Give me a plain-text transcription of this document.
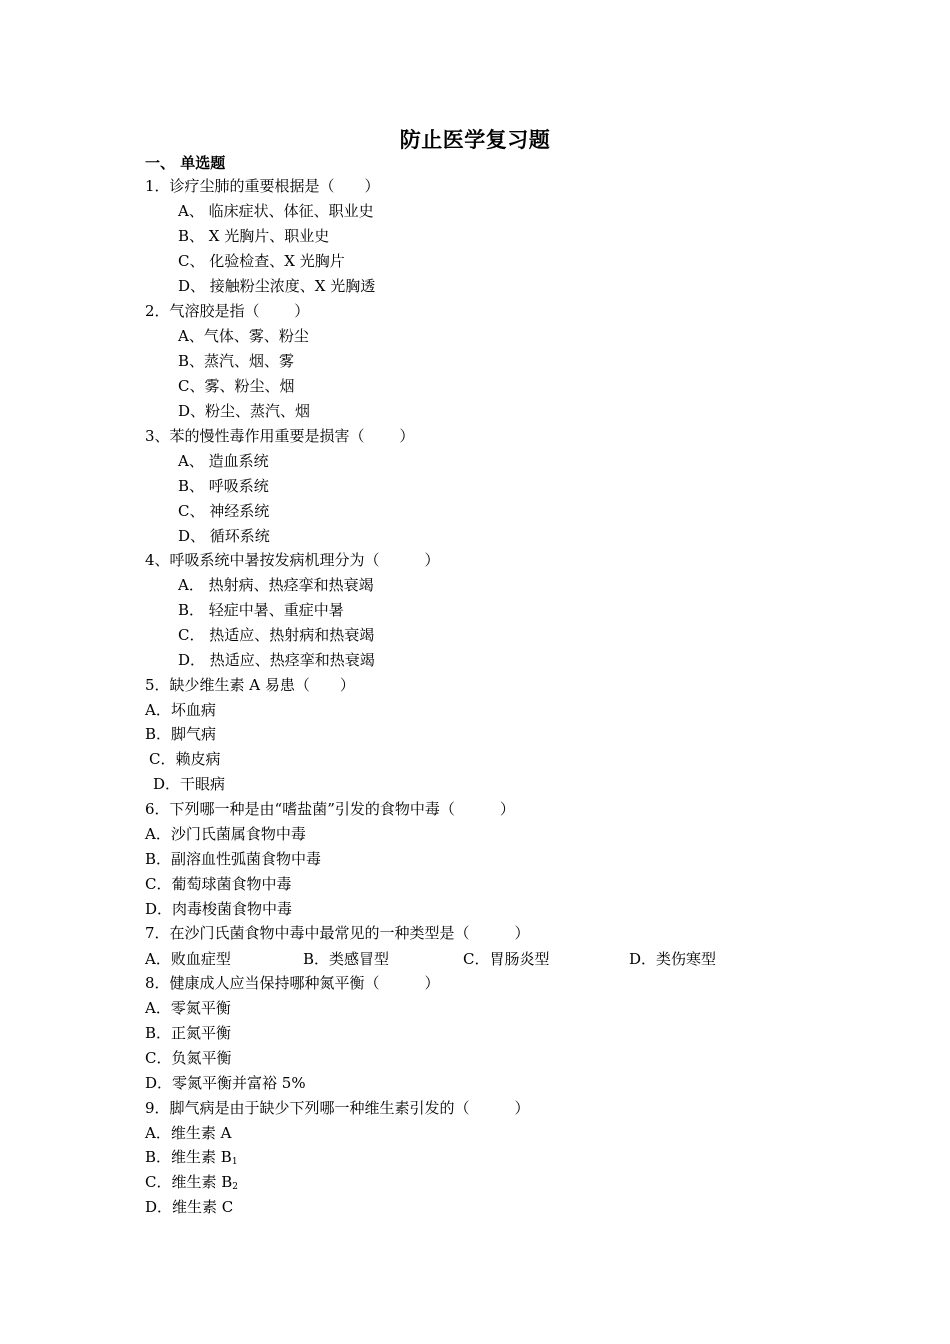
防止医学复习题
一、 单选题
1．诊疗尘肺的重要根据是（　　）
A、 临床症状、体征、职业史
B、 X 光胸片、职业史
C、 化验检查、X 光胸片
D、 接触粉尘浓度、X 光胸透
2．气溶胶是指（　　 ）
A、气体、雾、粉尘
B、蒸汽、烟、雾
C、雾、粉尘、烟
D、粉尘、蒸汽、烟
3、苯的慢性毒作用重要是损害（　　 ）
A、 造血系统
B、 呼吸系统
C、 神经系统
D、 循环系统
4、呼吸系统中暑按发病机理分为（　　　）
A． 热射病、热痉挛和热衰竭
B． 轻症中暑、重症中暑
C． 热适应、热射病和热衰竭
D． 热适应、热痉挛和热衰竭
5．缺少维生素 A 易患（　　）
A．坏血病
B．脚气病
C．赖皮病
D．干眼病
6．下列哪一种是由“嗜盐菌”引发的食物中毒（　　　）
A．沙门氏菌属食物中毒
B．副溶血性弧菌食物中毒
C．葡萄球菌食物中毒
D．肉毒梭菌食物中毒
7．在沙门氏菌食物中毒中最常见的一种类型是（　　　）
A．败血症型	B．类感冒型	C．胃肠炎型	D．类伤寒型
8．健康成人应当保持哪种氮平衡（　　　）
A．零氮平衡
B．正氮平衡
C．负氮平衡
D．零氮平衡并富裕 5%
9．脚气病是由于缺少下列哪一种维生素引发的（　　　）
A．维生素 A
B．维生素 $B_1$
C．维生素 $B_2$
D．维生素 C
